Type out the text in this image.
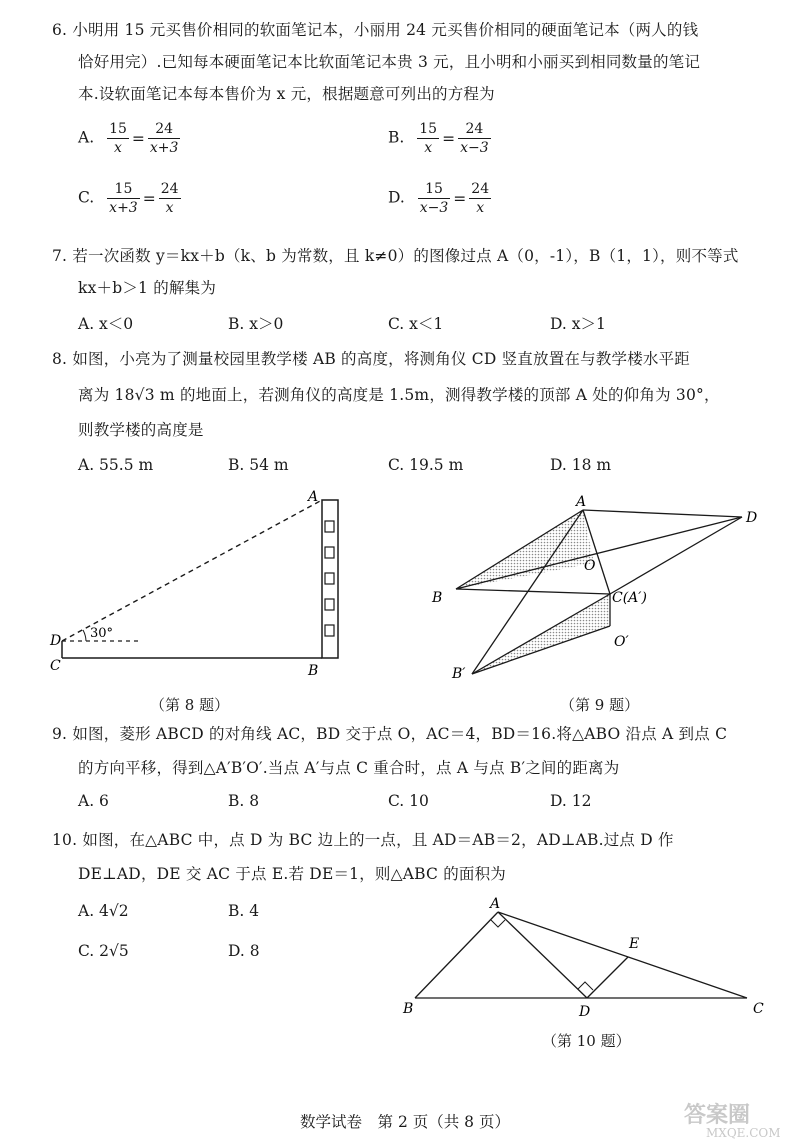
6. 小明用 15 元买售价相同的软面笔记本，小丽用 24 元买售价相同的硬面笔记本（两人的钱
恰好用完）.已知每本硬面笔记本比软面笔记本贵 3 元，且小明和小丽买到相同数量的笔记
本.设软面笔记本每本售价为 x 元，根据题意可列出的方程为
A. $\frac{15}{x} = \frac{24}{x+3}$	B. $\frac{15}{x} = \frac{24}{x-3}$
C. $\frac{15}{x+3} = \frac{24}{x}$	D. $\frac{15}{x-3} = \frac{24}{x}$
7. 若一次函数 y＝kx＋b（k、b 为常数，且 k≠0）的图像过点 A（0，-1），B（1，1），则不等式
kx＋b＞1 的解集为
A. x＜0	B. x＞0	C. x＜1	D. x＞1
8. 如图，小亮为了测量校园里教学楼 AB 的高度，将测角仪 CD 竖直放置在与教学楼水平距
离为 18√3 m 的地面上，若测角仪的高度是 1.5m，测得教学楼的顶部 A 处的仰角为 30°，
则教学楼的高度是
A. 55.5 m	B. 54 m	C. 19.5 m	D. 18 m
A
B
C
D 30°
（第 8 题）
A
B	C(A′)
D
O
B′
O′
（第 9 题）
9. 如图，菱形 ABCD 的对角线 AC，BD 交于点 O，AC＝4，BD＝16.将△ABO 沿点 A 到点 C
的方向平移，得到△A′B′O′.当点 A′与点 C 重合时，点 A 与点 B′之间的距离为
A. 6	B. 8	C. 10	D. 12
10. 如图，在△ABC 中，点 D 为 BC 边上的一点，且 AD＝AB＝2，AD⊥AB.过点 D 作
DE⊥AD，DE 交 AC 于点 E.若 DE＝1，则△ABC 的面积为
A. 4√2	B. 4
C. 2√5	D. 8
A
B	C
D
E
（第 10 题）
数学试卷　第 2 页（共 8 页）	答案圈
MXQE.COM
